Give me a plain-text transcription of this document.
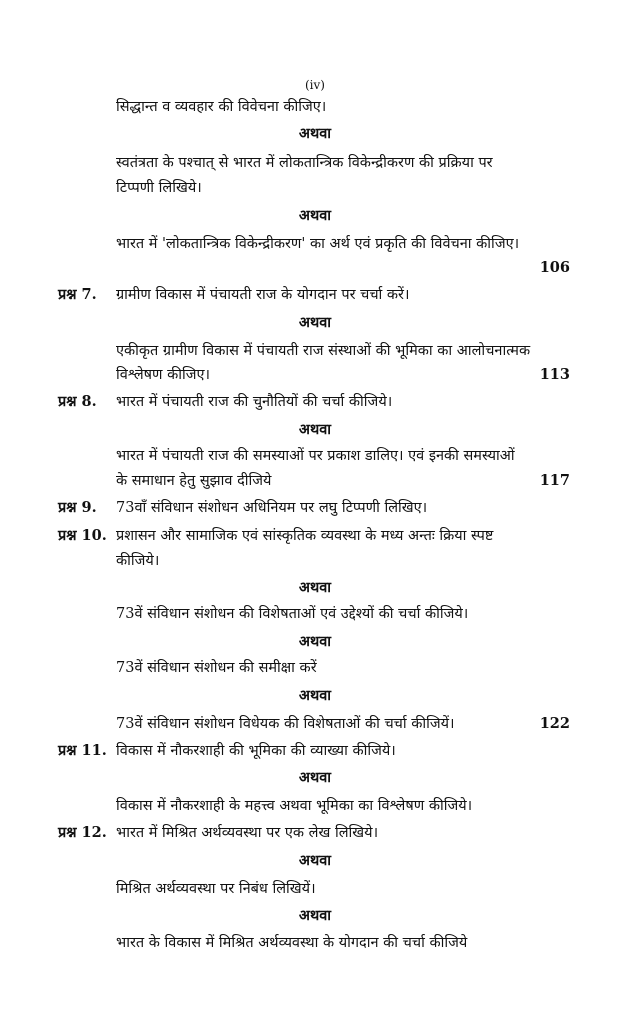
(iv)
सिद्धान्त व व्यवहार की विवेचना कीजिए।
अथवा
स्वतंत्रता के पश्चात् से भारत में लोकतान्त्रिक विकेन्द्रीकरण की प्रक्रिया पर
टिप्पणी लिखिये।
अथवा
भारत में 'लोकतान्त्रिक विकेन्द्रीकरण' का अर्थ एवं प्रकृति की विवेचना कीजिए।
106
प्रश्न 7. ग्रामीण विकास में पंचायती राज के योगदान पर चर्चा करें।
अथवा
एकीकृत ग्रामीण विकास में पंचायती राज संस्थाओं की भूमिका का आलोचनात्मक
विश्लेषण कीजिए।	113
प्रश्न 8. भारत में पंचायती राज की चुनौतियों की चर्चा कीजिये।
अथवा
भारत में पंचायती राज की समस्याओं पर प्रकाश डालिए। एवं इनकी समस्याओं
के समाधान हेतु सुझाव दीजिये	117
प्रश्न 9. 73वाँ संविधान संशोधन अधिनियम पर लघु टिप्पणी लिखिए।
प्रश्न 10. प्रशासन और सामाजिक एवं सांस्कृतिक व्यवस्था के मध्य अन्तः क्रिया स्पष्ट
कीजिये।
अथवा
73वें संविधान संशोधन की विशेषताओं एवं उद्देश्यों की चर्चा कीजिये।
अथवा
73वें संविधान संशोधन की समीक्षा करें
अथवा
73वें संविधान संशोधन विधेयक की विशेषताओं की चर्चा कीजियें।	122
प्रश्न 11. विकास में नौकरशाही की भूमिका की व्याख्या कीजिये।
अथवा
विकास में नौकरशाही के महत्त्व अथवा भूमिका का विश्लेषण कीजिये।
प्रश्न 12. भारत में मिश्रित अर्थव्यवस्था पर एक लेख लिखिये।
अथवा
मिश्रित अर्थव्यवस्था पर निबंध लिखियें।
अथवा
भारत के विकास में मिश्रित अर्थव्यवस्था के योगदान की चर्चा कीजिये
